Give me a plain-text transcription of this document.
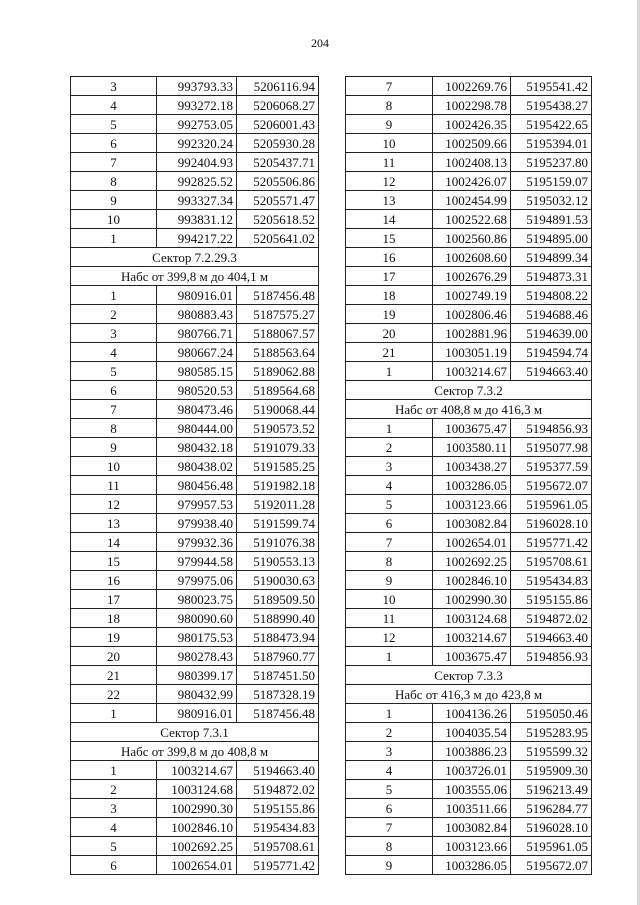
204
3	993793.33	5206116.94
4	993272.18	5206068.27
5	992753.05	5206001.43
6	992320.24	5205930.28
7	992404.93	5205437.71
8	992825.52	5205506.86
9	993327.34	5205571.47
10	993831.12	5205618.52
1	994217.22	5205641.02
Сектор 7.2.29.3		
Набс от 399,8 м до 404,1 м		
1	980916.01	5187456.48
2	980883.43	5187575.27
3	980766.71	5188067.57
4	980667.24	5188563.64
5	980585.15	5189062.88
6	980520.53	5189564.68
7	980473.46	5190068.44
8	980444.00	5190573.52
9	980432.18	5191079.33
10	980438.02	5191585.25
11	980456.48	5191982.18
12	979957.53	5192011.28
13	979938.40	5191599.74
14	979932.36	5191076.38
15	979944.58	5190553.13
16	979975.06	5190030.63
17	980023.75	5189509.50
18	980090.60	5188990.40
19	980175.53	5188473.94
20	980278.43	5187960.77
21	980399.17	5187451.50
22	980432.99	5187328.19
1	980916.01	5187456.48
Сектор 7.3.1		
Набс от 399,8 м до 408,8 м		
1	1003214.67	5194663.40
2	1003124.68	5194872.02
3	1002990.30	5195155.86
4	1002846.10	5195434.83
5	1002692.25	5195708.61
6	1002654.01	5195771.42
7	1002269.76	5195541.42
8	1002298.78	5195438.27
9	1002426.35	5195422.65
10	1002509.66	5195394.01
11	1002408.13	5195237.80
12	1002426.07	5195159.07
13	1002454.99	5195032.12
14	1002522.68	5194891.53
15	1002560.86	5194895.00
16	1002608.60	5194899.34
17	1002676.29	5194873.31
18	1002749.19	5194808.22
19	1002806.46	5194688.46
20	1002881.96	5194639.00
21	1003051.19	5194594.74
1	1003214.67	5194663.40
Сектор 7.3.2		
Набс от 408,8 м до 416,3 м		
1	1003675.47	5194856.93
2	1003580.11	5195077.98
3	1003438.27	5195377.59
4	1003286.05	5195672.07
5	1003123.66	5195961.05
6	1003082.84	5196028.10
7	1002654.01	5195771.42
8	1002692.25	5195708.61
9	1002846.10	5195434.83
10	1002990.30	5195155.86
11	1003124.68	5194872.02
12	1003214.67	5194663.40
1	1003675.47	5194856.93
Сектор 7.3.3		
Набс от 416,3 м до 423,8 м		
1	1004136.26	5195050.46
2	1004035.54	5195283.95
3	1003886.23	5195599.32
4	1003726.01	5195909.30
5	1003555.06	5196213.49
6	1003511.66	5196284.77
7	1003082.84	5196028.10
8	1003123.66	5195961.05
9	1003286.05	5195672.07
